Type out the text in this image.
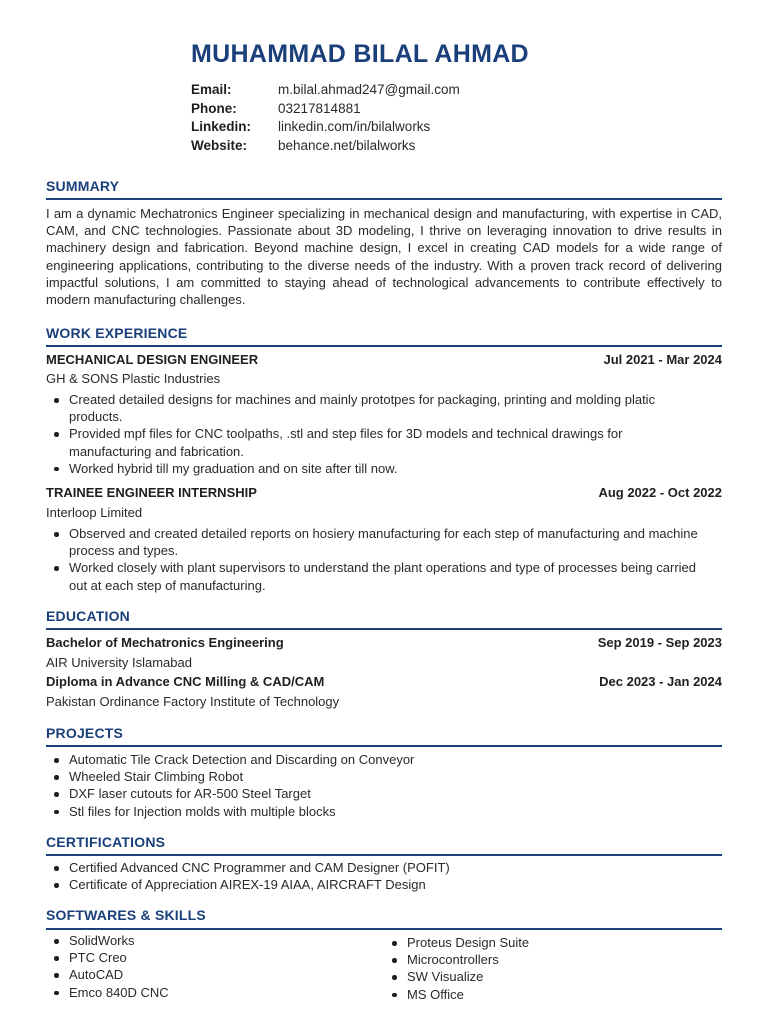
MUHAMMAD BILAL AHMAD
Email:	m.bilal.ahmad247@gmail.com
Phone:	03217814881
Linkedin:	linkedin.com/in/bilalworks
Website:	behance.net/bilalworks
SUMMARY
I am a dynamic Mechatronics Engineer specializing in mechanical design and manufacturing, with expertise in CAD, CAM, and CNC technologies. Passionate about 3D modeling, I thrive on leveraging innovation to drive results in machinery design and fabrication. Beyond machine design, I excel in creating CAD models for a wide range of engineering applications, contributing to the diverse needs of the industry. With a proven track record of delivering impactful solutions, I am committed to staying ahead of technological advancements to contribute effectively to modern manufacturing challenges.
WORK EXPERIENCE
MECHANICAL DESIGN ENGINEER	Jul 2021 - Mar 2024
GH & SONS Plastic Industries
Created detailed designs for machines and mainly prototpes for packaging, printing and molding platic products.
Provided mpf files for CNC toolpaths, .stl and step files for 3D models and technical drawings for manufacturing and fabrication.
Worked hybrid till my graduation and on site after till now.
TRAINEE ENGINEER INTERNSHIP	Aug 2022 - Oct 2022
Interloop Limited
Observed and created detailed reports on hosiery manufacturing for each step of manufacturing and machine process and types.
Worked closely with plant supervisors to understand the plant operations and type of processes being carried out at each step of manufacturing.
EDUCATION
Bachelor of Mechatronics Engineering	Sep 2019 - Sep 2023
AIR University Islamabad
Diploma in Advance CNC Milling & CAD/CAM	Dec 2023 - Jan 2024
Pakistan Ordinance Factory Institute of Technology
PROJECTS
Automatic Tile Crack Detection and Discarding on Conveyor
Wheeled Stair Climbing Robot
DXF laser cutouts for AR-500 Steel Target
Stl files for Injection molds with multiple blocks
CERTIFICATIONS
Certified Advanced CNC Programmer and CAM Designer (POFIT)
Certificate of Appreciation AIREX-19 AIAA, AIRCRAFT Design
SOFTWARES & SKILLS
SolidWorks
PTC Creo
AutoCAD
Emco 840D CNC
Proteus Design Suite
Microcontrollers
SW Visualize
MS Office
